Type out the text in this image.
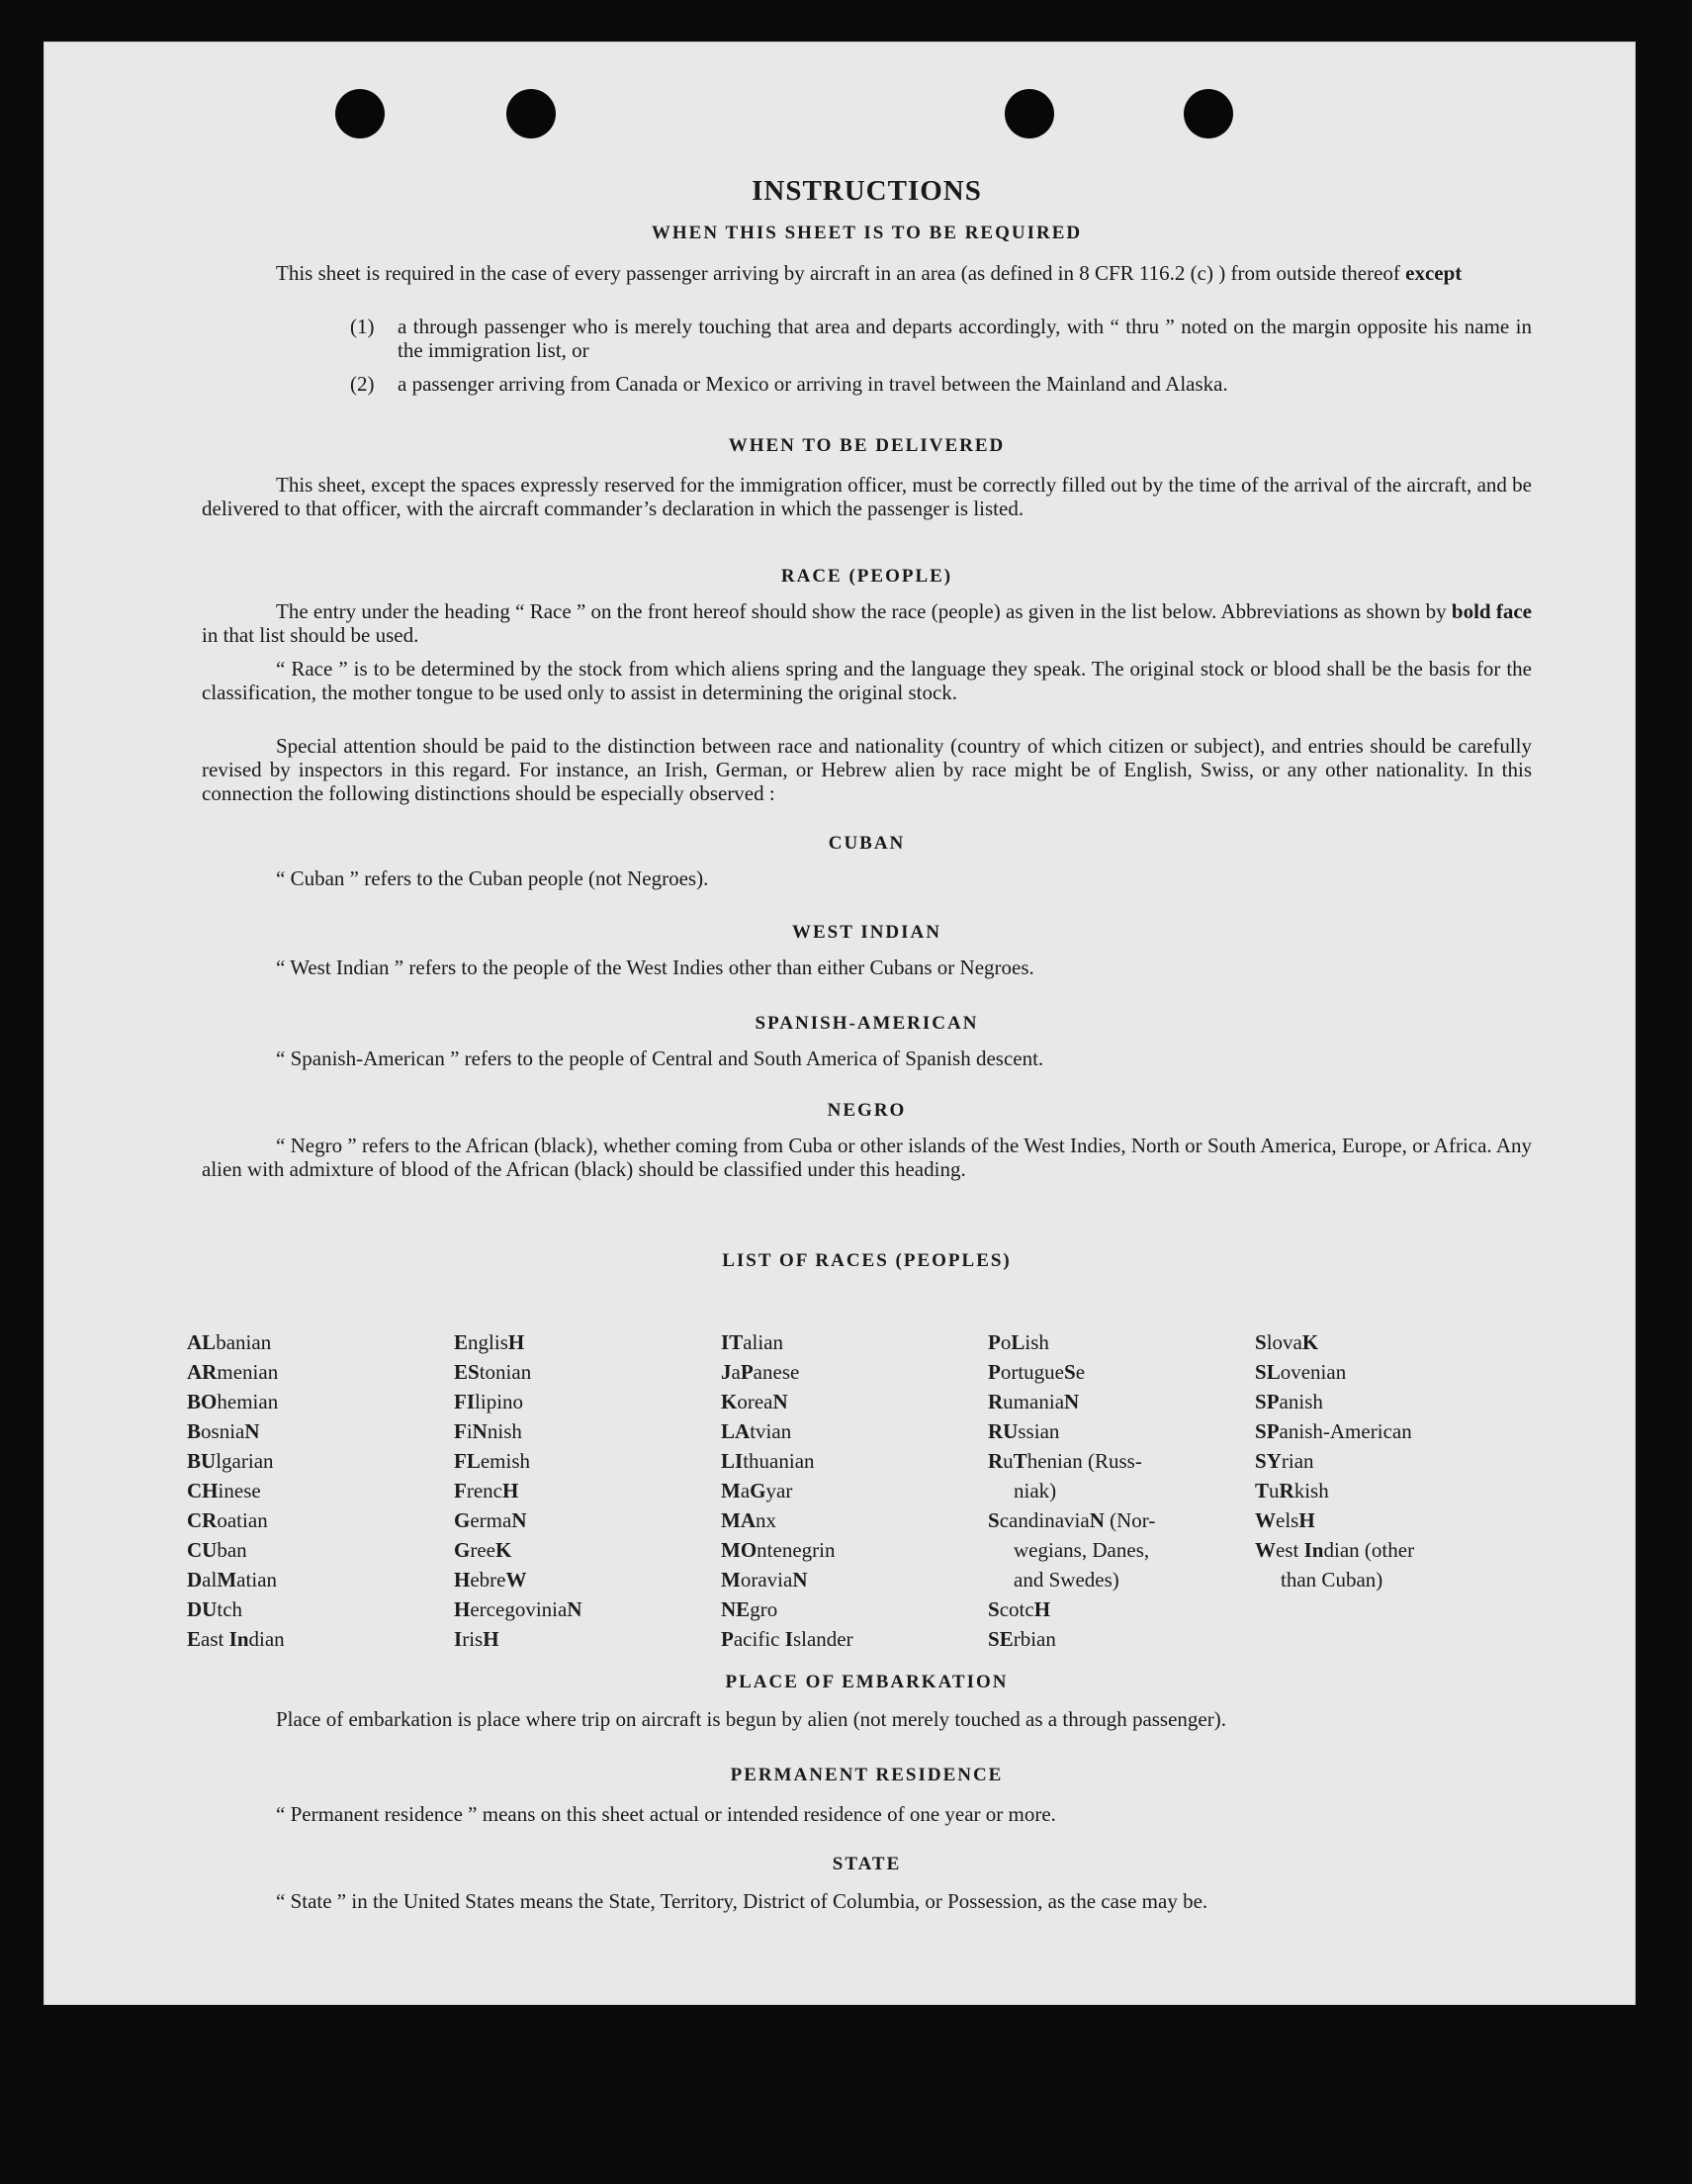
INSTRUCTIONS
WHEN THIS SHEET IS TO BE REQUIRED
This sheet is required in the case of every passenger arriving by aircraft in an area (as defined in 8 CFR 116.2 (c) ) from outside thereof except
(1) a through passenger who is merely touching that area and departs accordingly, with “ thru ” noted on the margin opposite his name in the immigration list, or
(2) a passenger arriving from Canada or Mexico or arriving in travel between the Mainland and Alaska.
WHEN TO BE DELIVERED
This sheet, except the spaces expressly reserved for the immigration officer, must be correctly filled out by the time of the arrival of the aircraft, and be delivered to that officer, with the aircraft commander’s declaration in which the passenger is listed.
RACE (PEOPLE)
The entry under the heading “ Race ” on the front hereof should show the race (people) as given in the list below. Abbreviations as shown by bold face in that list should be used.
“ Race ” is to be determined by the stock from which aliens spring and the language they speak. The original stock or blood shall be the basis for the classification, the mother tongue to be used only to assist in determining the original stock.
Special attention should be paid to the distinction between race and nationality (country of which citizen or subject), and entries should be carefully revised by inspectors in this regard. For instance, an Irish, German, or Hebrew alien by race might be of English, Swiss, or any other nationality. In this connection the following distinctions should be especially observed :
CUBAN
“ Cuban ” refers to the Cuban people (not Negroes).
WEST INDIAN
“ West Indian ” refers to the people of the West Indies other than either Cubans or Negroes.
SPANISH-AMERICAN
“ Spanish-American ” refers to the people of Central and South America of Spanish descent.
NEGRO
“ Negro ” refers to the African (black), whether coming from Cuba or other islands of the West Indies, North or South America, Europe, or Africa. Any alien with admixture of blood of the African (black) should be classified under this heading.
LIST OF RACES (PEOPLES)
ALbanian
ARmenian
BOhemian
BosniaN
BUlgarian
CHinese
CRoatian
CUban
DalMatian
DUtch
East Indian
EnglisH
EStonian
FIlipino
FiNnish
FLemish
FrencH
GermaN
GreeK
HebreW
HercegoviniaN
IrisH
ITalian
JaPanese
KoreaN
LAtvian
LIthuanian
MaGyar
MAnx
MOntenegrin
MoraviaN
NEgro
Pacific Islander
PoLish
PortugueSe
RumaniaN
RUssian
RuThenian (Russ-
niak)
ScandinaviaN (Nor-
wegians, Danes,
and Swedes)
ScotcH
SErbian
SlovaK
SLovenian
SPanish
SPanish-American
SYrian
TuRkish
WelsH
West Indian (other
than Cuban)
PLACE OF EMBARKATION
Place of embarkation is place where trip on aircraft is begun by alien (not merely touched as a through passenger).
PERMANENT RESIDENCE
“ Permanent residence ” means on this sheet actual or intended residence of one year or more.
STATE
“ State ” in the United States means the State, Territory, District of Columbia, or Possession, as the case may be.
